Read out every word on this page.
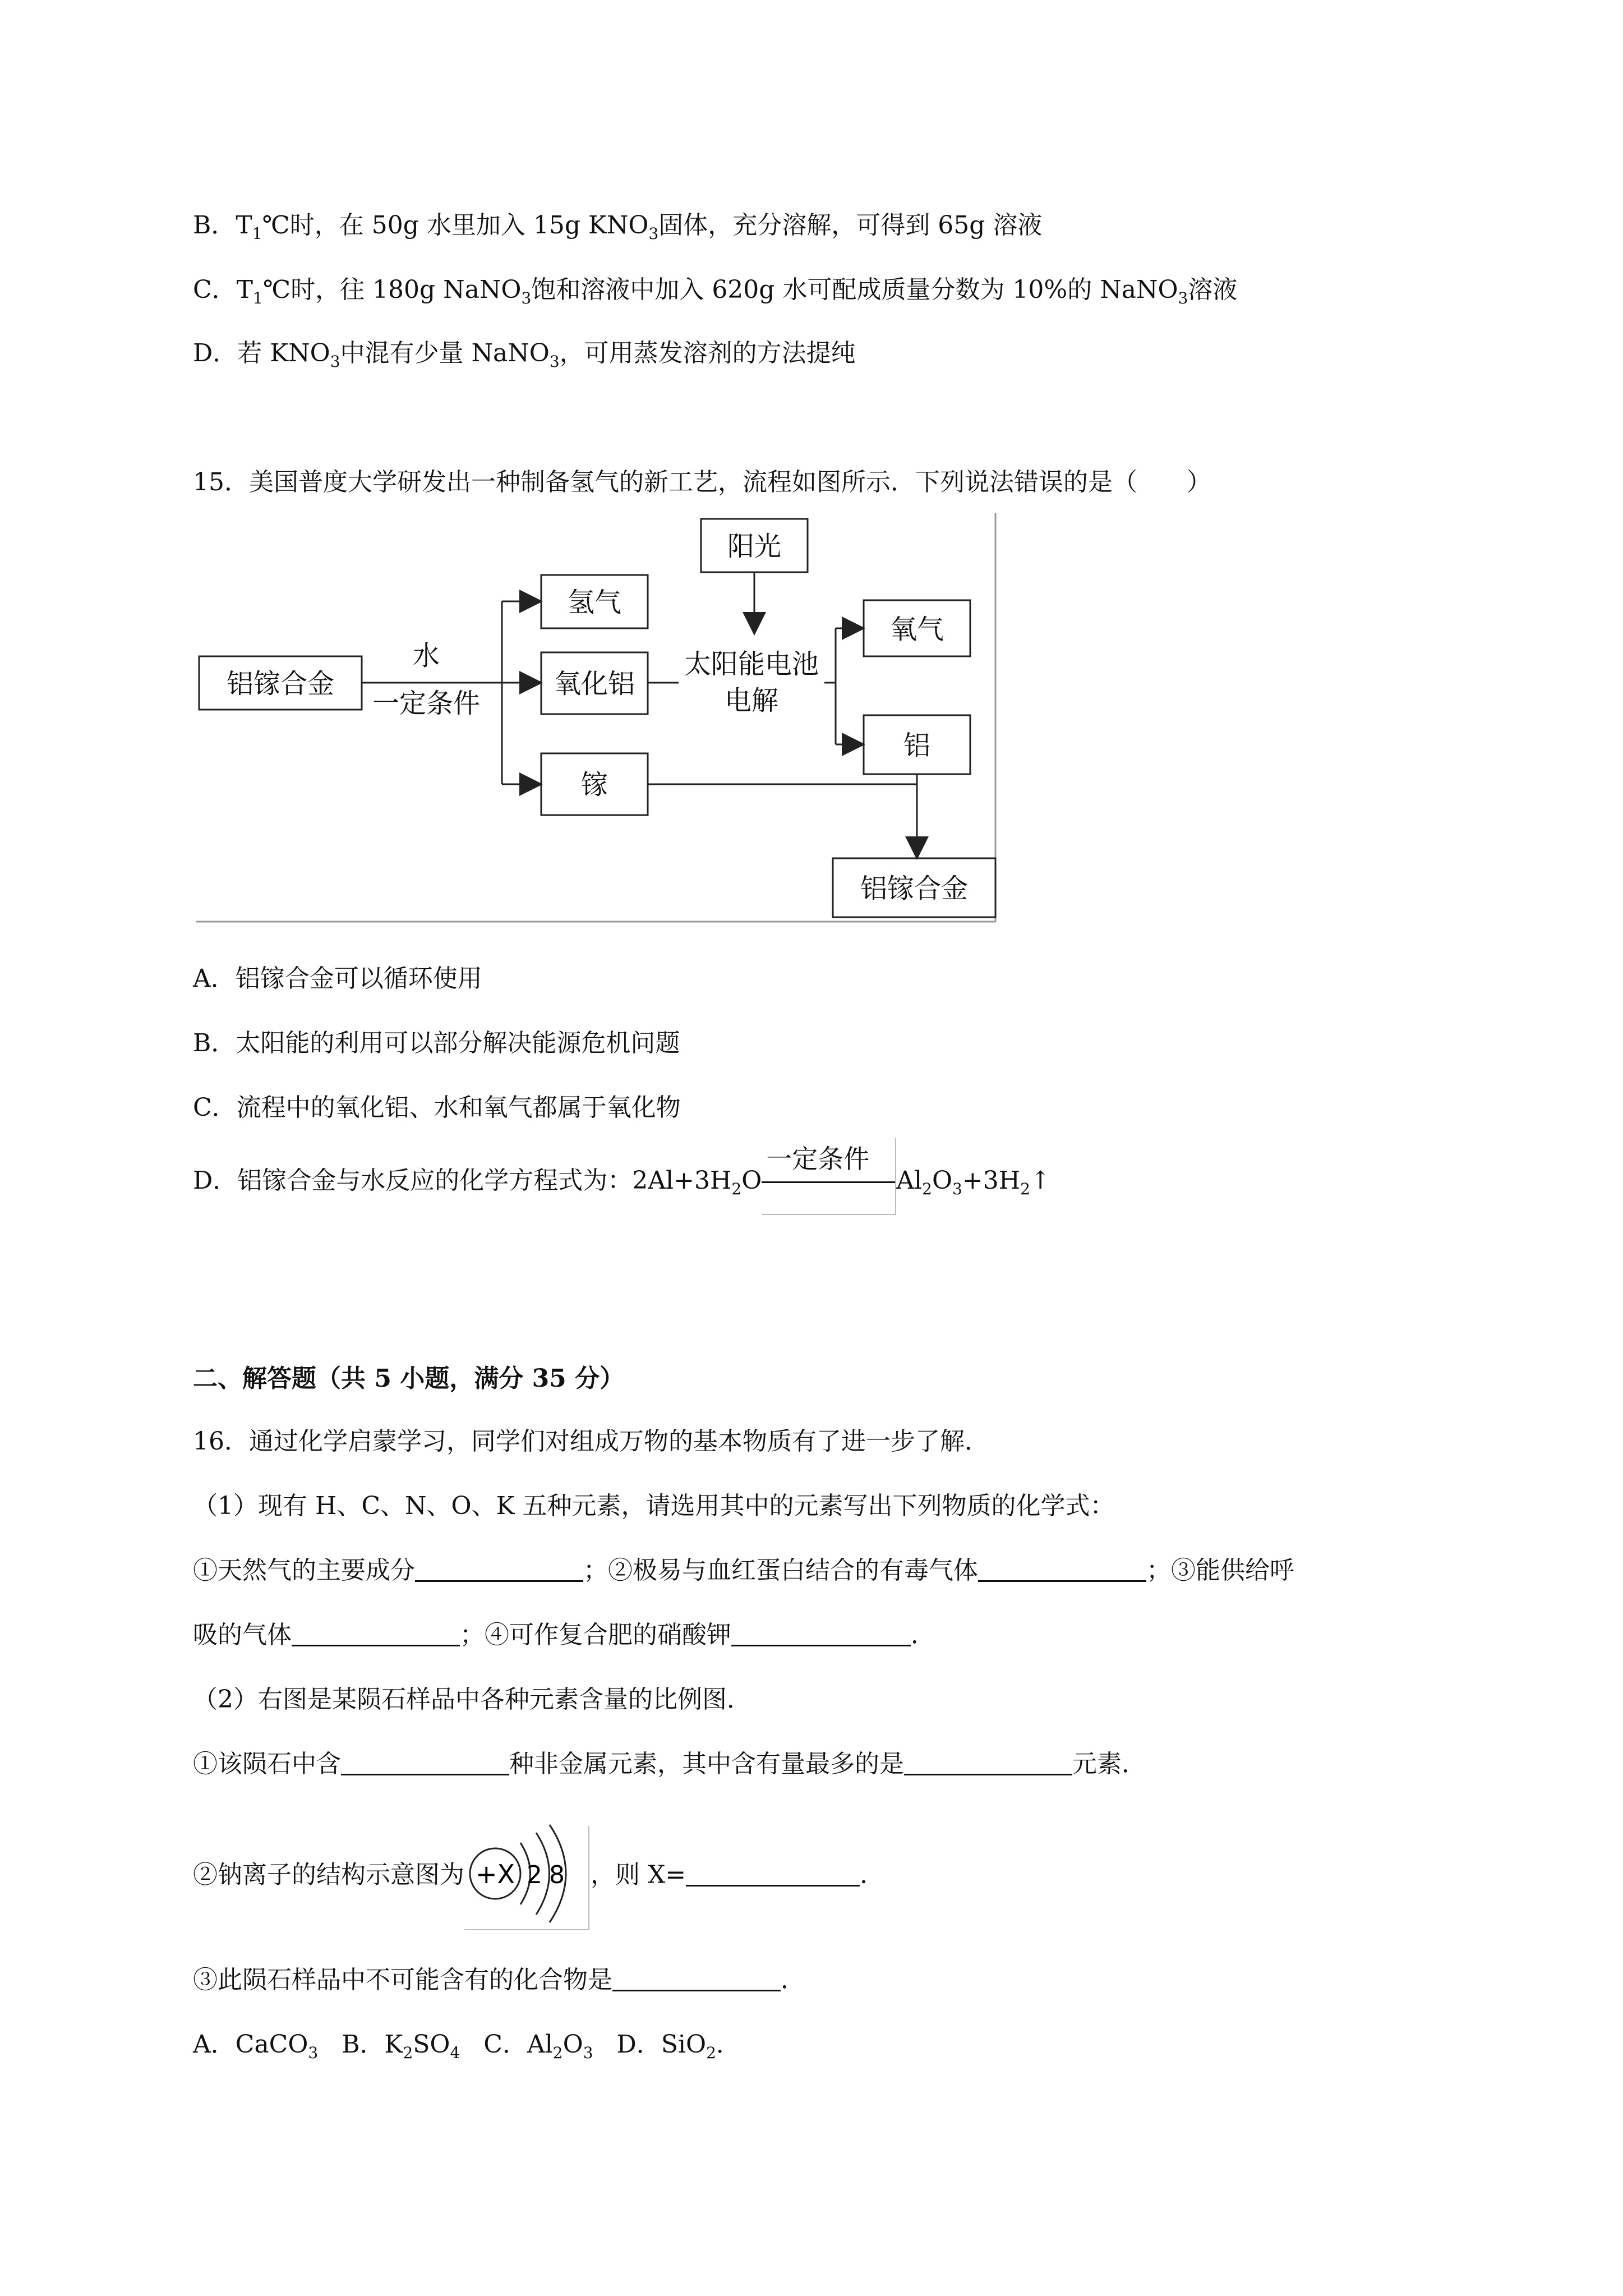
B．$T_1℃$时，在 50g 水里加入 15g $KNO_3$固体，充分溶解，可得到 65g 溶液
C．$T_1℃$时，往 180g NaNO$_3$饱和溶液中加入 620g 水可配成质量分数为 10%的 NaNO$_3$溶液
D．若 $KNO_3$中混有少量 NaNO$_3$，可用蒸发溶剂的方法提纯
15．美国普度大学研发出一种制备氢气的新工艺，流程如图所示．下列说法错误的是（　　）
铝镓合金
氢气
氧化铝
镓
阳光
氧气
铝
铝镓合金
水
一定条件
太阳能电池
电解
A．铝镓合金可以循环使用
B．太阳能的利用可以部分解决能源危机问题
C．流程中的氧化铝、水和氧气都属于氧化物
D．铝镓合金与水反应的化学方程式为：$2Al+3H_2O$
一定条件
$Al_2O_3+3H_2↑$
二、解答题（共 5 小题，满分 35 分）
16．通过化学启蒙学习，同学们对组成万物的基本物质有了进一步了解．
（1）现有 H、C、N、O、K 五种元素，请选用其中的元素写出下列物质的化学式：
①天然气的主要成分	；②极易与血红蛋白结合的有毒气体	；③能供给呼
吸的气体	；④可作复合肥的硝酸钾	．
（2）右图是某陨石样品中各种元素含量的比例图．
①该陨石中含	种非金属元素，其中含有量最多的是	元素．
②钠离子的结构示意图为 +X 2 8 ，则 X=	．
③此陨石样品中不可能含有的化合物是	．
A．CaCO$_3$ B．$K_2SO_4$ C．$Al_2O_3$ D．SiO$_2$．
